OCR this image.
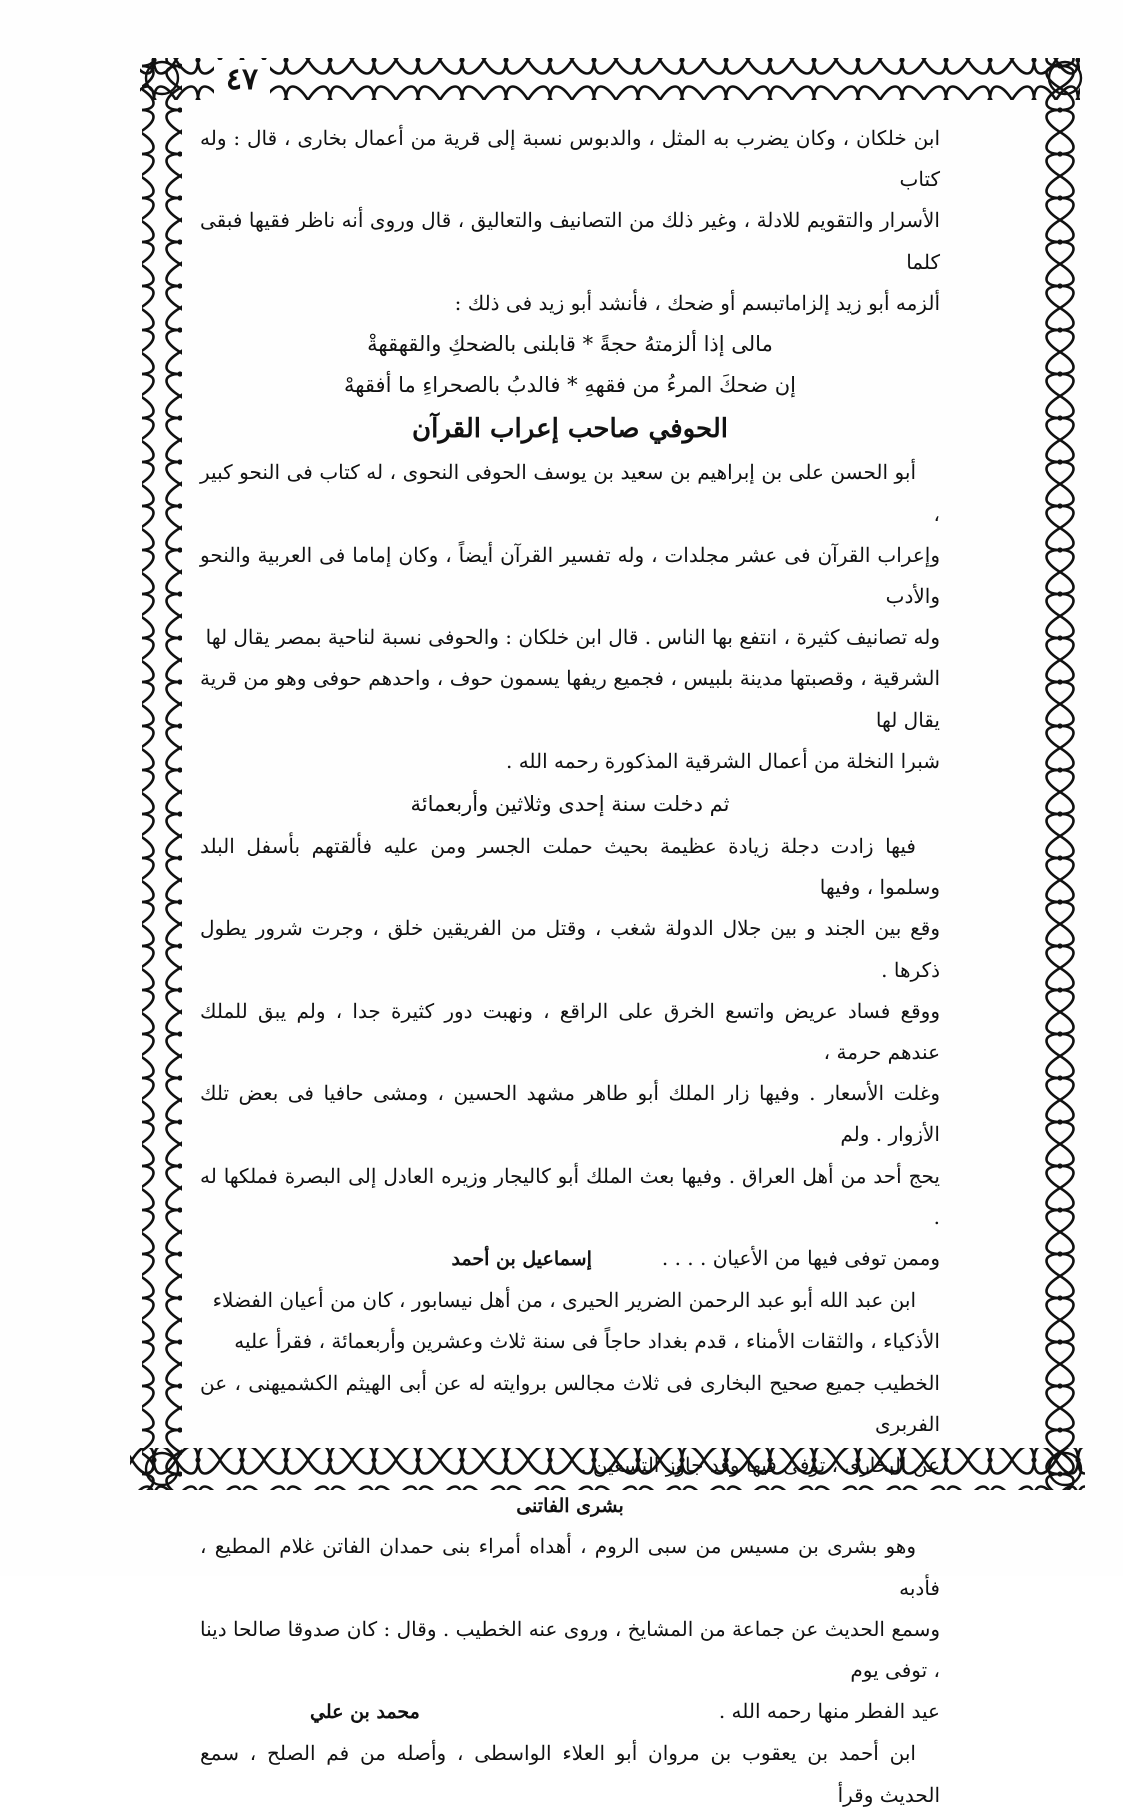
٤٧

ابن خلكان ، وكان يضرب به المثل ، والدبوس نسبة إلى قرية من أعمال بخارى ، قال : وله كتاب

الأسرار والتقويم للادلة ، وغير ذلك من التصانيف والتعاليق ، قال وروى أنه ناظر فقيها فبقى كلما

ألزمه أبو زيد إلزاماتبسم أو ضحك ، فأنشد أبو زيد فى ذلك :

مالى إذا ألزمتهُ حجةً * قابلنى بالضحكِ والقهقهةْ

إن ضحكَ المرءُ من فقههِ * فالدبُ بالصحراءِ ما أفقههْ

الحوفي صاحب إعراب القرآن

أبو الحسن على بن إبراهيم بن سعيد بن يوسف الحوفى النحوى ، له كتاب فى النحو كبير ،

وإعراب القرآن فى عشر مجلدات ، وله تفسير القرآن أيضاً ، وكان إماما فى العربية والنحو والأدب

وله تصانيف كثيرة ، انتفع بها الناس . قال ابن خلكان : والحوفى نسبة لناحية بمصر يقال لها

الشرقية ، وقصبتها مدينة بلبيس ، فجميع ريفها يسمون حوف ، واحدهم حوفى وهو من قرية يقال لها

شبرا النخلة من أعمال الشرقية المذكورة رحمه الله .

ثم دخلت سنة إحدى وثلاثين وأربعمائة

فيها زادت دجلة زيادة عظيمة بحيث حملت الجسر ومن عليه فألقتهم بأسفل البلد وسلموا ، وفيها

وقع بين الجند و بين جلال الدولة شغب ، وقتل من الفريقين خلق ، وجرت شرور يطول ذكرها .

ووقع فساد عريض واتسع الخرق على الراقع ، ونهبت دور كثيرة جدا ، ولم يبق للملك عندهم حرمة ،

وغلت الأسعار . وفيها زار الملك أبو طاهر مشهد الحسين ، ومشى حافيا فى بعض تلك الأزوار . ولم

يحج أحد من أهل العراق . وفيها بعث الملك أبو كاليجار وزيره العادل إلى البصرة فملكها له .

وممن توفى فيها من الأعيان . . . .
إسماعيل بن أحمد

ابن عبد الله أبو عبد الرحمن الضرير الحيرى ، من أهل نيسابور ، كان من أعيان الفضلاء

الأذكياء ، والثقات الأمناء ، قدم بغداد حاجاً فى سنة ثلاث وعشرين وأربعمائة ، فقرأ عليه

الخطيب جميع صحيح البخارى فى ثلاث مجالس بروايته له عن أبى الهيثم الكشميهنى ، عن الفربرى

عن البخارى ، توفى فيها وقد جاوز التسعين .

بشرى الفاتنى

وهو بشرى بن مسيس من سبى الروم ، أهداه أمراء بنى حمدان الفاتن غلام المطيع ، فأدبه

وسمع الحديث عن جماعة من المشايخ ، وروى عنه الخطيب . وقال : كان صدوقا صالحا دينا ، توفى يوم

عيد الفطر منها رحمه الله .
محمد بن علي

ابن أحمد بن يعقوب بن مروان أبو العلاء الواسطى ، وأصله من فم الصلح ، سمع الحديث وقرأ
